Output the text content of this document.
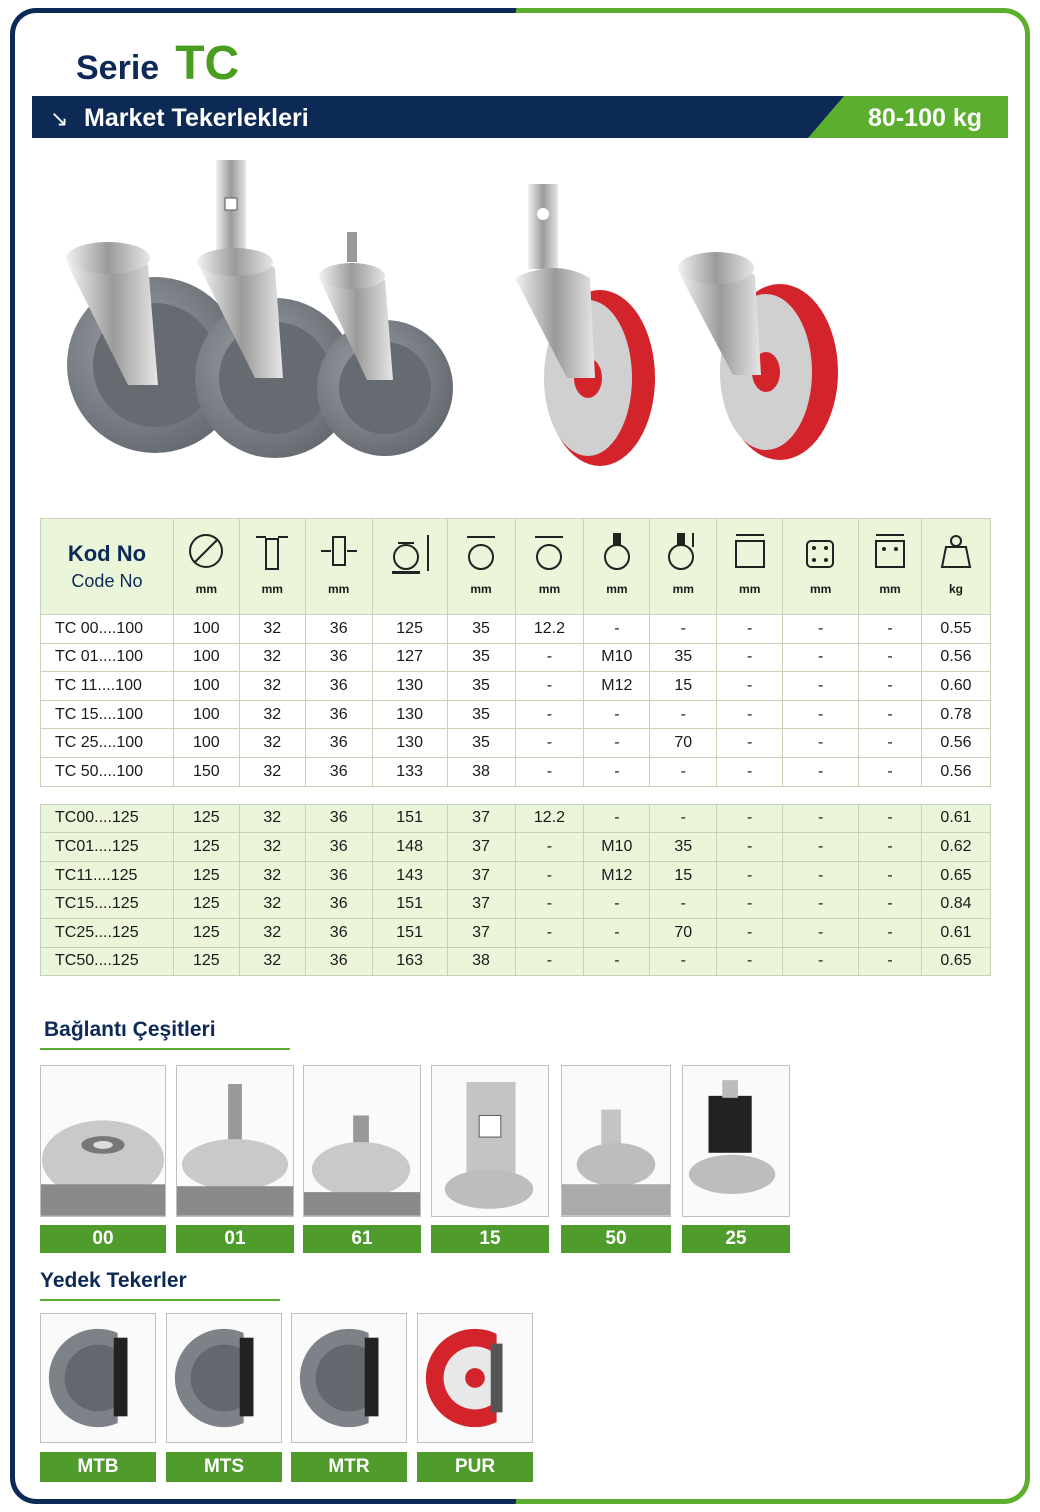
Serie TC
↘ Market Tekerlekleri	80-100 kg
Kod No
Code No	mm	mm	mm		mm	mm	mm	mm	mm	mm	mm	kg

TC 00....100	100	32	36	125	35	12.2	-	-	-	-	-	0.55
TC 01....100	100	32	36	127	35	-	M10	35	-	-	-	0.56
TC 11....100	100	32	36	130	35	-	M12	15	-	-	-	0.60
TC 15....100	100	32	36	130	35	-	-	-	-	-	-	0.78
TC 25....100	100	32	36	130	35	-	-	70	-	-	-	0.56
TC 50....100	150	32	36	133	38	-	-	-	-	-	-	0.56

TC00....125	125	32	36	151	37	12.2	-	-	-	-	-	0.61
TC01....125	125	32	36	148	37	-	M10	35	-	-	-	0.62
TC11....125	125	32	36	143	37	-	M12	15	-	-	-	0.65
TC15....125	125	32	36	151	37	-	-	-	-	-	-	0.84
TC25....125	125	32	36	151	37	-	-	70	-	-	-	0.61
TC50....125	125	32	36	163	38	-	-	-	-	-	-	0.65
Bağlantı Çeşitleri
00	01	61	15	50	25
Yedek Tekerler
MTB	MTS	MTR	PUR
